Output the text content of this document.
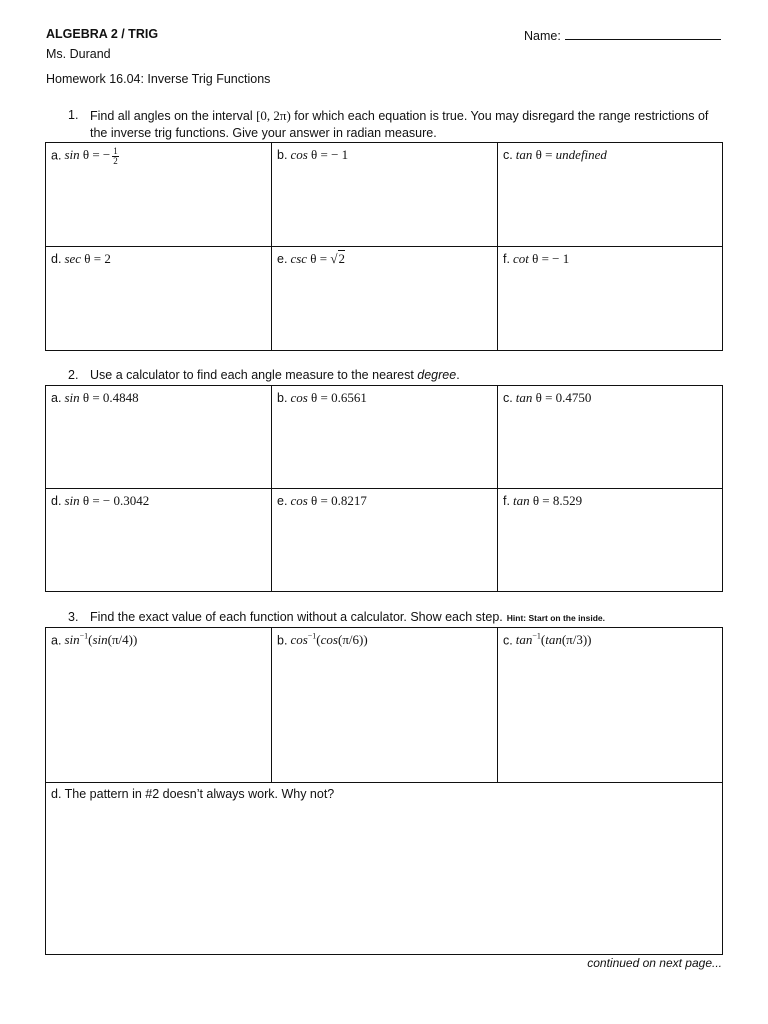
ALGEBRA 2 / TRIG
Ms. Durand
Homework 16.04: Inverse Trig Functions
Name:
1. Find all angles on the interval [0, 2π) for which each equation is true. You may disregard the range restrictions of the inverse trig functions. Give your answer in radian measure.
a. sin θ = − $\frac{1}{2}$	b. cos θ = − 1	c. tan θ = undefined
d. sec θ = 2	e. csc θ = √2	f. cot θ = − 1
2. Use a calculator to find each angle measure to the nearest degree.
a. sin θ = 0.4848	b. cos θ = 0.6561	c. tan θ = 0.4750
d. sin θ = − 0.3042	e. cos θ = 0.8217	f. tan θ = 8.529
3. Find the exact value of each function without a calculator. Show each step. Hint: Start on the inside.
a. $\sin^{-1}(\sin(\pi/4))$	b. $\cos^{-1}(\cos(\pi/6))$	c. $\tan^{-1}(\tan(\pi/3))$
d. The pattern in #2 doesn’t always work. Why not?
continued on next page...
